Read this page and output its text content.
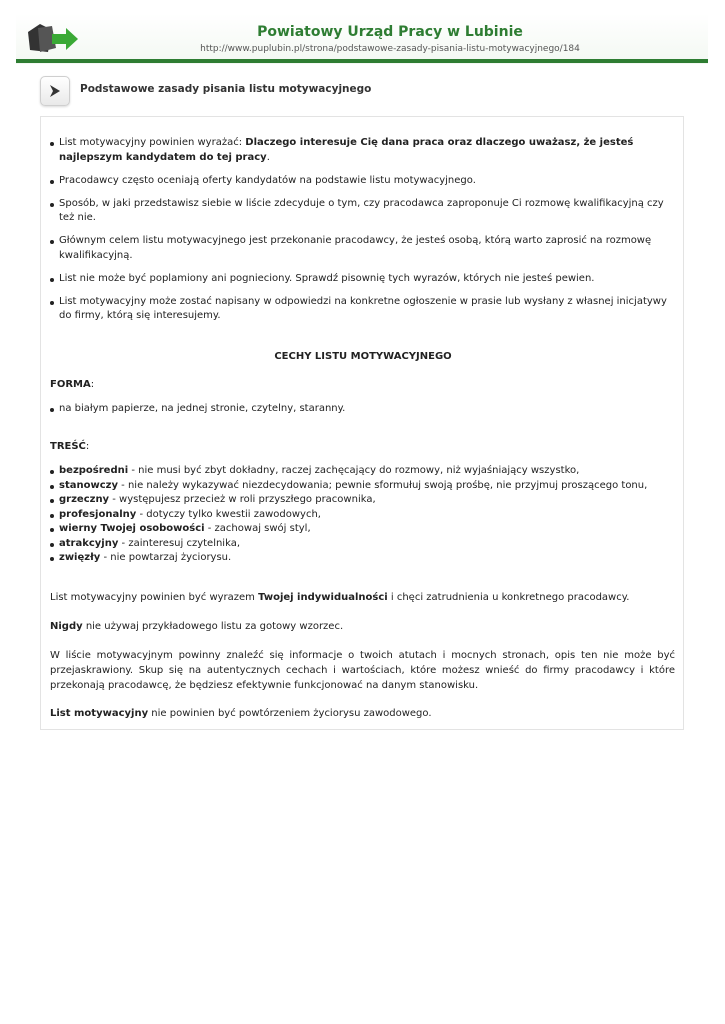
Powiatowy Urząd Pracy w Lubinie
http://www.puplubin.pl/strona/podstawowe-zasady-pisania-listu-motywacyjnego/184
Podstawowe zasady pisania listu motywacyjnego
List motywacyjny powinien wyrażać: Dlaczego interesuje Cię dana praca oraz dlaczego uważasz, że jesteś najlepszym kandydatem do tej pracy.
Pracodawcy często oceniają oferty kandydatów na podstawie listu motywacyjnego.
Sposób, w jaki przedstawisz siebie w liście zdecyduje o tym, czy pracodawca zaproponuje Ci rozmowę kwalifikacyjną czy też nie.
Głównym celem listu motywacyjnego jest przekonanie pracodawcy, że jesteś osobą, którą warto zaprosić na rozmowę kwalifikacyjną.
List nie może być poplamiony ani pognieciony. Sprawdź pisownię tych wyrazów, których nie jesteś pewien.
List motywacyjny może zostać napisany w odpowiedzi na konkretne ogłoszenie w prasie lub wysłany z własnej inicjatywy do firmy, którą się interesujemy.
CECHY LISTU MOTYWACYJNEGO
FORMA:
na białym papierze, na jednej stronie, czytelny, staranny.
TREŚĆ:
bezpośredni - nie musi być zbyt dokładny, raczej zachęcający do rozmowy, niż wyjaśniający wszystko,
stanowczy - nie należy wykazywać niezdecydowania; pewnie sformułuj swoją prośbę, nie przyjmuj proszącego tonu,
grzeczny - występujesz przecież w roli przyszłego pracownika,
profesjonalny - dotyczy tylko kwestii zawodowych,
wierny Twojej osobowości - zachowaj swój styl,
atrakcyjny - zainteresuj czytelnika,
zwięzły - nie powtarzaj życiorysu.
List motywacyjny powinien być wyrazem Twojej indywidualności i chęci zatrudnienia u konkretnego pracodawcy.
Nigdy nie używaj przykładowego listu za gotowy wzorzec.
W liście motywacyjnym powinny znaleźć się informacje o twoich atutach i mocnych stronach, opis ten nie może być przejaskrawiony. Skup się na autentycznych cechach i wartościach, które możesz wnieść do firmy pracodawcy i które przekonają pracodawcę, że będziesz efektywnie funkcjonować na danym stanowisku.
List motywacyjny nie powinien być powtórzeniem życiorysu zawodowego.
